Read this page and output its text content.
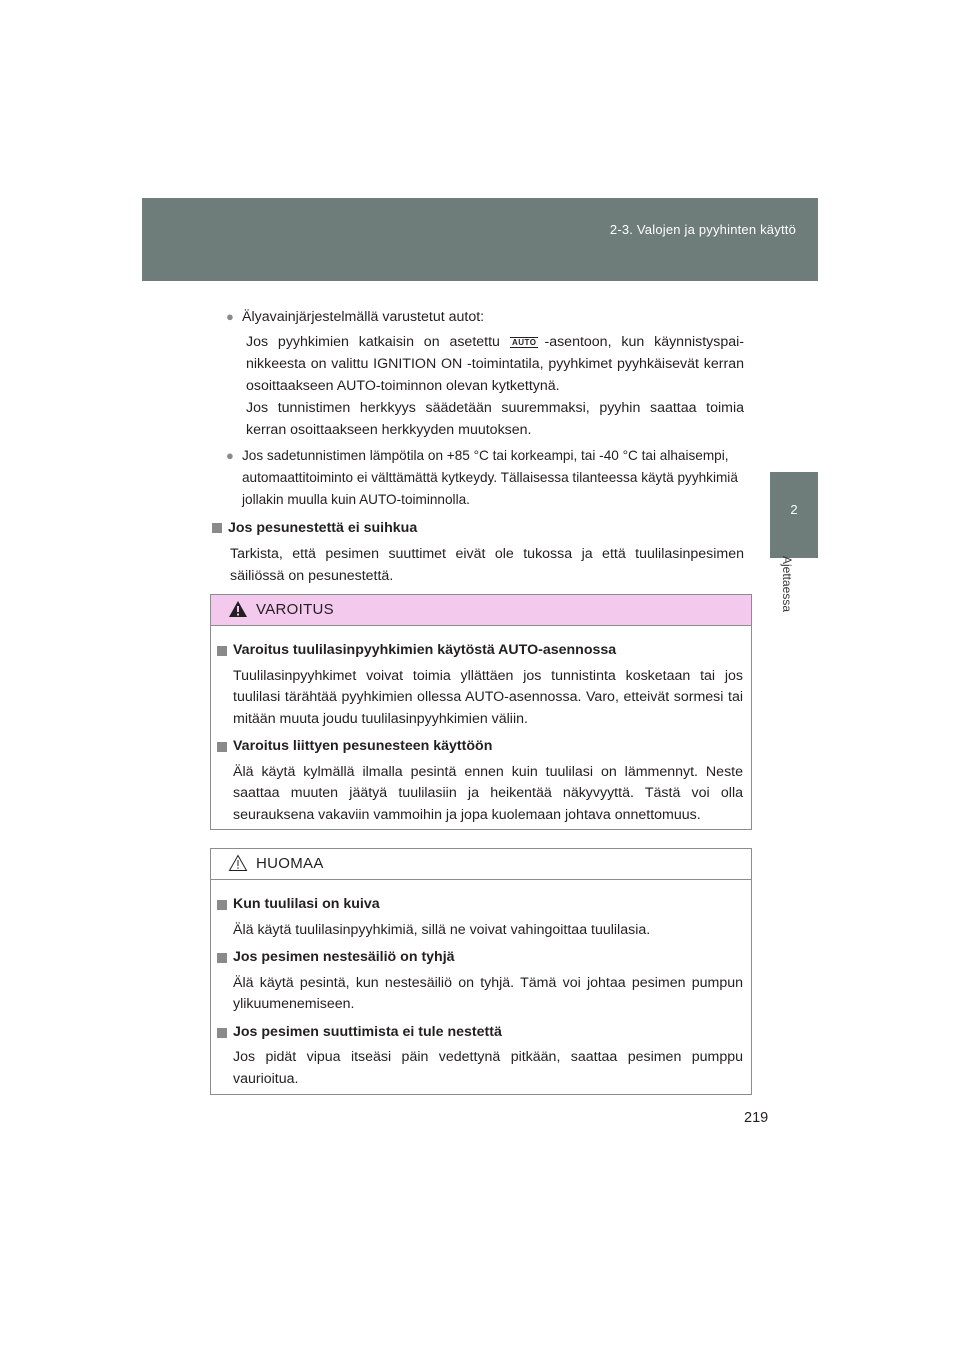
2-3. Valojen ja pyyhinten käyttö
2
Ajettaessa
● Älyavainjärjestelmällä varustetut autot:
Jos pyyhkimien katkaisin on asetettu AUTO -asentoon, kun käynnistyspai- nikkeesta on valittu IGNITION ON -toimintatila, pyyhkimet pyyhkäisevät kerran osoittaakseen AUTO-toiminnon olevan kytkettynä.
Jos tunnistimen herkkyys säädetään suuremmaksi, pyyhin saattaa toimia kerran osoittaakseen herkkyyden muutoksen.
● Jos sadetunnistimen lämpötila on +85 °C tai korkeampi, tai -40 °C tai alhaisempi, automaattitoiminto ei välttämättä kytkeydy. Tällaisessa tilanteessa käytä pyyhkimiä jollakin muulla kuin AUTO-toiminnolla.
Jos pesunestettä ei suihkua
Tarkista, että pesimen suuttimet eivät ole tukossa ja että tuulilasinpesimen säiliössä on pesunestettä.
VAROITUS
Varoitus tuulilasinpyyhkimien käytöstä AUTO-asennossa

Tuulilasinpyyhkimet voivat toimia yllättäen jos tunnistinta kosketaan tai jos tuulilasi tärähtää pyyhkimien ollessa AUTO-asennossa. Varo, etteivät sormesi tai mitään muuta joudu tuulilasinpyyhkimien väliin.

Varoitus liittyen pesunesteen käyttöön

Älä käytä kylmällä ilmalla pesintä ennen kuin tuulilasi on lämmennyt. Neste saattaa muuten jäätyä tuulilasiin ja heikentää näkyvyyttä. Tästä voi olla seurauksena vakaviin vammoihin ja jopa kuolemaan johtava onnettomuus.

HUOMAA
Kun tuulilasi on kuiva

Älä käytä tuulilasinpyyhkimiä, sillä ne voivat vahingoittaa tuulilasia.

Jos pesimen nestesäiliö on tyhjä

Älä käytä pesintä, kun nestesäiliö on tyhjä. Tämä voi johtaa pesimen pumpun ylikuumenemiseen.

Jos pesimen suuttimista ei tule nestettä

Jos pidät vipua itseäsi päin vedettynä pitkään, saattaa pesimen pumppu vaurioitua.

219
